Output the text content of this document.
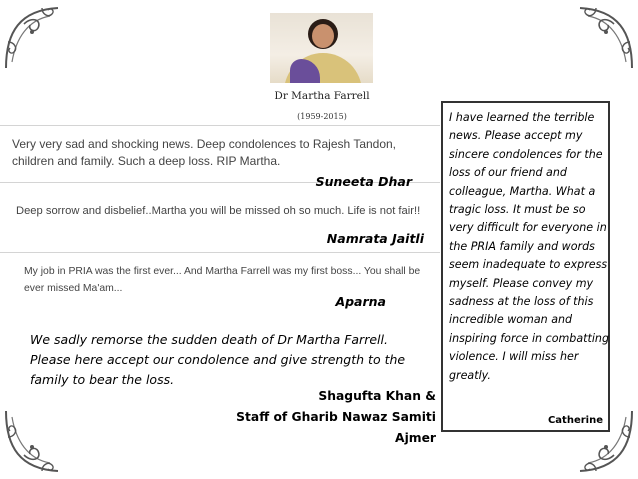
Dr Martha Farrell
(1959-2015)
Very very sad and shocking news. Deep condolences to Rajesh Tandon, children and family. Such a deep loss. RIP Martha.
Suneeta Dhar
Deep sorrow and disbelief..Martha you will be missed oh so much. Life is not fair!!
Namrata Jaitli
My job in PRIA was the first ever... And Martha Farrell was my first boss... You shall be ever missed Ma'am...
Aparna
We sadly remorse the sudden death of Dr Martha Farrell. Please here accept our condolence and give strength to the family to bear the loss.
Shagufta Khan &
Staff of Gharib Nawaz Samiti
Ajmer
I have learned the terrible news. Please accept my sincere condolences for the loss of our friend and colleague, Martha. What a tragic loss. It must be so very difficult for everyone in the PRIA family and words seem inadequate to express myself. Please convey my sadness at the loss of this incredible woman and inspiring force in combatting violence. I will miss her greatly.
Catherine
